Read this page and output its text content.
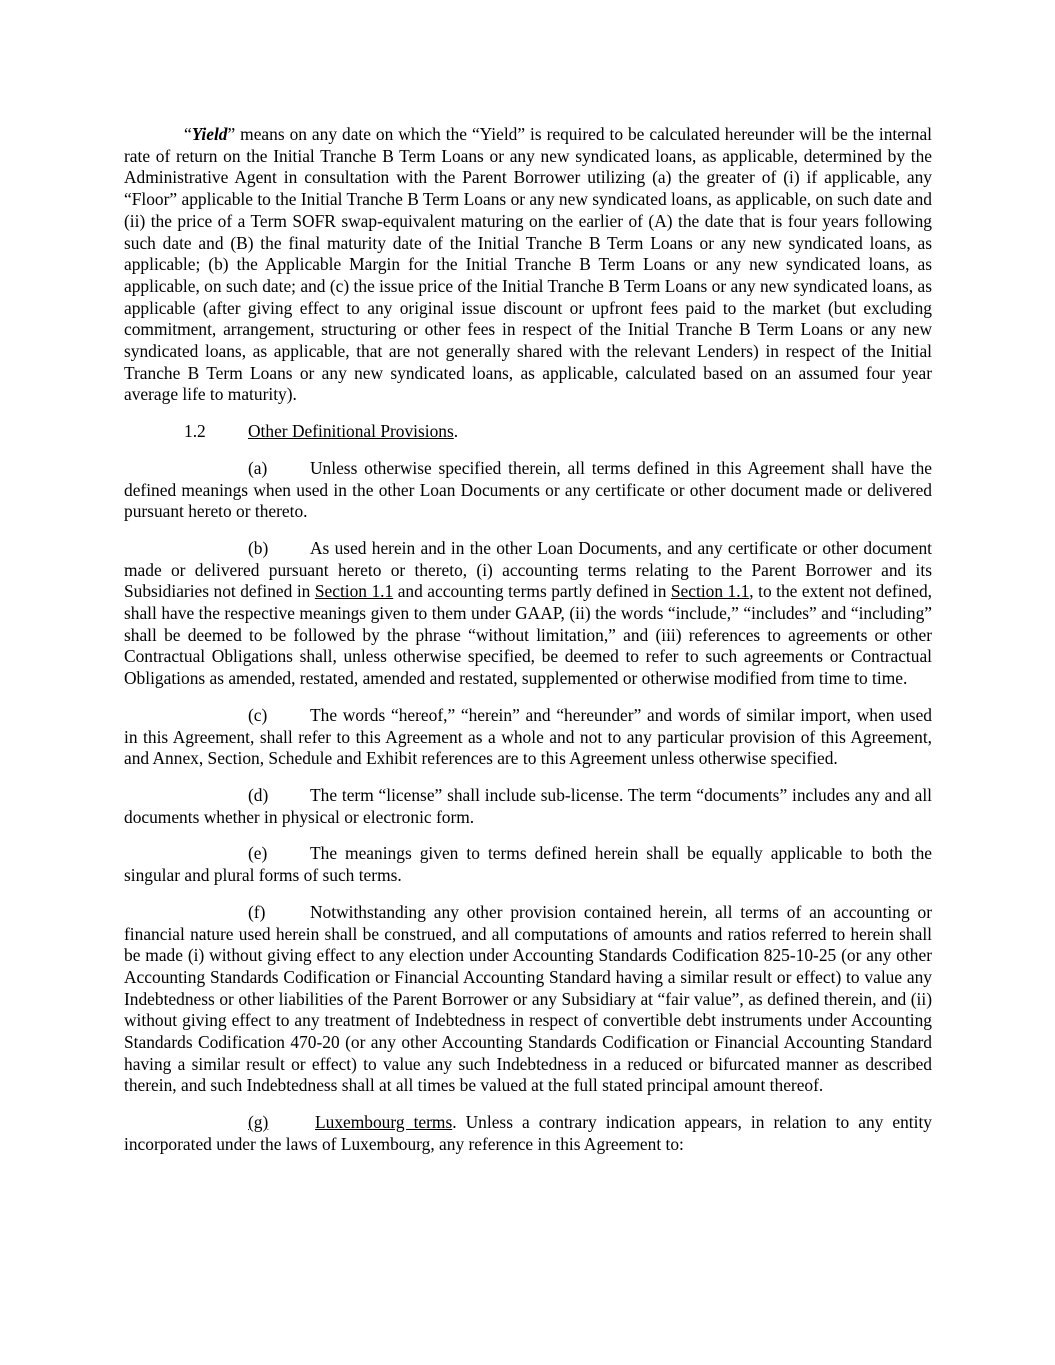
“Yield” means on any date on which the “Yield” is required to be calculated hereunder will be the internal rate of return on the Initial Tranche B Term Loans or any new syndicated loans, as applicable, determined by the Administrative Agent in consultation with the Parent Borrower utilizing (a) the greater of (i) if applicable, any “Floor” applicable to the Initial Tranche B Term Loans or any new syndicated loans, as applicable, on such date and (ii) the price of a Term SOFR swap-equivalent maturing on the earlier of (A) the date that is four years following such date and (B) the final maturity date of the Initial Tranche B Term Loans or any new syndicated loans, as applicable; (b) the Applicable Margin for the Initial Tranche B Term Loans or any new syndicated loans, as applicable, on such date; and (c) the issue price of the Initial Tranche B Term Loans or any new syndicated loans, as applicable (after giving effect to any original issue discount or upfront fees paid to the market (but excluding commitment, arrangement, structuring or other fees in respect of the Initial Tranche B Term Loans or any new syndicated loans, as applicable, that are not generally shared with the relevant Lenders) in respect of the Initial Tranche B Term Loans or any new syndicated loans, as applicable, calculated based on an assumed four year average life to maturity).

1.2 Other Definitional Provisions.

(a) Unless otherwise specified therein, all terms defined in this Agreement shall have the defined meanings when used in the other Loan Documents or any certificate or other document made or delivered pursuant hereto or thereto.

(b) As used herein and in the other Loan Documents, and any certificate or other document made or delivered pursuant hereto or thereto, (i) accounting terms relating to the Parent Borrower and its Subsidiaries not defined in Section 1.1 and accounting terms partly defined in Section 1.1, to the extent not defined, shall have the respective meanings given to them under GAAP, (ii) the words “include,” “includes” and “including” shall be deemed to be followed by the phrase “without limitation,” and (iii) references to agreements or other Contractual Obligations shall, unless otherwise specified, be deemed to refer to such agreements or Contractual Obligations as amended, restated, amended and restated, supplemented or otherwise modified from time to time.

(c) The words “hereof,” “herein” and “hereunder” and words of similar import, when used in this Agreement, shall refer to this Agreement as a whole and not to any particular provision of this Agreement, and Annex, Section, Schedule and Exhibit references are to this Agreement unless otherwise specified.

(d) The term “license” shall include sub-license. The term “documents” includes any and all documents whether in physical or electronic form.

(e) The meanings given to terms defined herein shall be equally applicable to both the singular and plural forms of such terms.

(f)	Notwithstanding any other provision contained herein, all terms of an accounting or financial nature used herein shall be construed, and all computations of amounts and ratios referred to herein shall be made (i) without giving effect to any election under Accounting Standards Codification 825-10-25 (or any other Accounting Standards Codification or Financial Accounting Standard having a similar result or effect) to value any Indebtedness or other liabilities of the Parent Borrower or any Subsidiary at “fair value”, as defined therein, and (ii) without giving effect to any treatment of Indebtedness in respect of convertible debt instruments under Accounting Standards Codification 470-20 (or any other Accounting Standards Codification or Financial Accounting Standard having a similar result or effect) to value any such Indebtedness in a reduced or bifurcated manner as described therein, and such Indebtedness shall at all times be valued at the full stated principal amount thereof.

(g)	Luxembourg terms. Unless a contrary indication appears, in relation to any entity incorporated under the laws of Luxembourg, any reference in this Agreement to:
